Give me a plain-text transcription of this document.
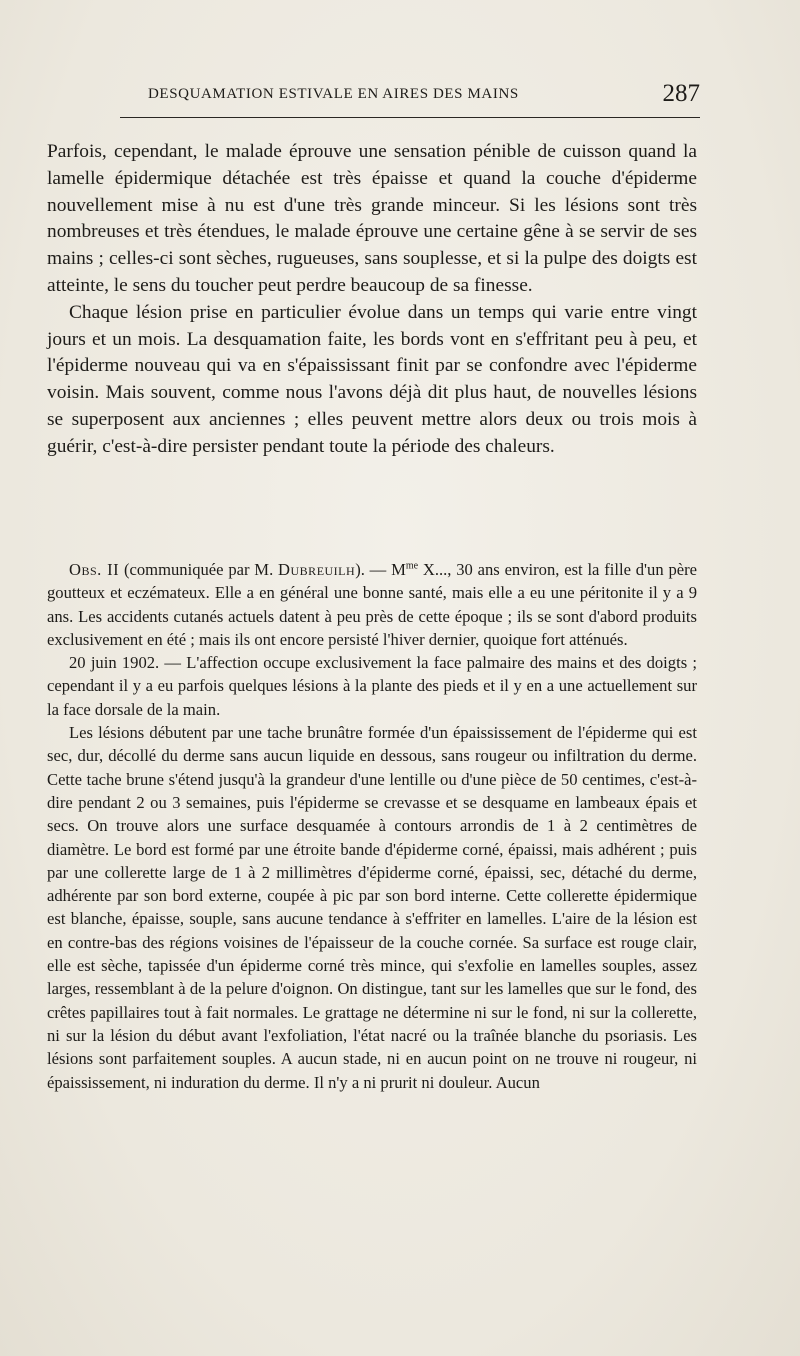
DESQUAMATION ESTIVALE EN AIRES DES MAINS	287

Parfois, cependant, le malade éprouve une sensation pénible de cuisson quand la lamelle épidermique détachée est très épaisse et quand la couche d'épiderme nouvellement mise à nu est d'une très grande minceur. Si les lésions sont très nombreuses et très étendues, le malade éprouve une certaine gêne à se servir de ses mains ; celles-ci sont sèches, rugueuses, sans souplesse, et si la pulpe des doigts est atteinte, le sens du toucher peut perdre beaucoup de sa finesse.

Chaque lésion prise en particulier évolue dans un temps qui varie entre vingt jours et un mois. La desquamation faite, les bords vont en s'effritant peu à peu, et l'épiderme nouveau qui va en s'épaississant finit par se confondre avec l'épiderme voisin. Mais souvent, comme nous l'avons déjà dit plus haut, de nouvelles lésions se superposent aux anciennes ; elles peuvent mettre alors deux ou trois mois à guérir, c'est-à-dire persister pendant toute la période des chaleurs.

Obs. II (communiquée par M. Dubreuilh). — $M^{me}$ X..., 30 ans environ, est la fille d'un père goutteux et eczémateux. Elle a en général une bonne santé, mais elle a eu une péritonite il y a 9 ans. Les accidents cutanés actuels datent à peu près de cette époque ; ils se sont d'abord produits exclusivement en été ; mais ils ont encore persisté l'hiver dernier, quoique fort atténués.

20 juin 1902. — L'affection occupe exclusivement la face palmaire des mains et des doigts ; cependant il y a eu parfois quelques lésions à la plante des pieds et il y en a une actuellement sur la face dorsale de la main.

Les lésions débutent par une tache brunâtre formée d'un épaississement de l'épiderme qui est sec, dur, décollé du derme sans aucun liquide en dessous, sans rougeur ou infiltration du derme. Cette tache brune s'étend jusqu'à la grandeur d'une lentille ou d'une pièce de 50 centimes, c'est-à-dire pendant 2 ou 3 semaines, puis l'épiderme se crevasse et se desquame en lambeaux épais et secs. On trouve alors une surface desquamée à contours arrondis de 1 à 2 centimètres de diamètre. Le bord est formé par une étroite bande d'épiderme corné, épaissi, mais adhérent ; puis par une collerette large de 1 à 2 millimètres d'épiderme corné, épaissi, sec, détaché du derme, adhérente par son bord externe, coupée à pic par son bord interne. Cette collerette épidermique est blanche, épaisse, souple, sans aucune tendance à s'effriter en lamelles. L'aire de la lésion est en contre-bas des régions voisines de l'épaisseur de la couche cornée. Sa surface est rouge clair, elle est sèche, tapissée d'un épiderme corné très mince, qui s'exfolie en lamelles souples, assez larges, ressemblant à de la pelure d'oignon. On distingue, tant sur les lamelles que sur le fond, des crêtes papillaires tout à fait normales. Le grattage ne détermine ni sur le fond, ni sur la collerette, ni sur la lésion du début avant l'exfoliation, l'état nacré ou la traînée blanche du psoriasis. Les lésions sont parfaitement souples. A aucun stade, ni en aucun point on ne trouve ni rougeur, ni épaississement, ni induration du derme. Il n'y a ni prurit ni douleur. Aucun
